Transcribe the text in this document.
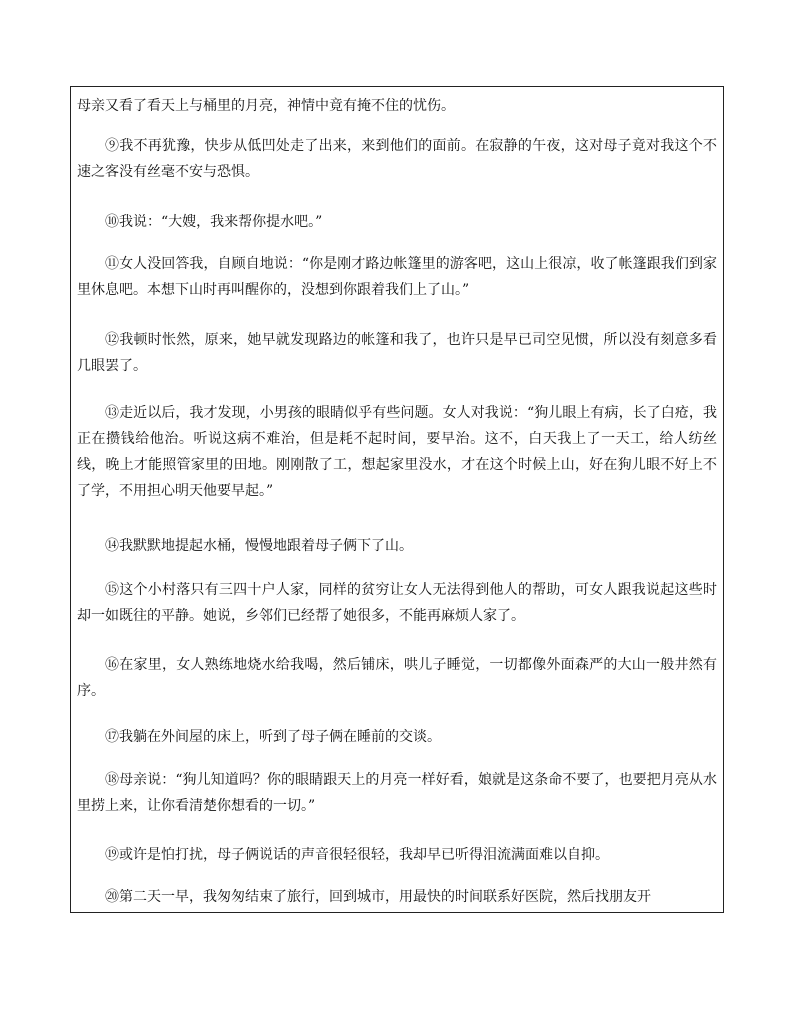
母亲又看了看天上与桶里的月亮，神情中竟有掩不住的忧伤。

⑨我不再犹豫，快步从低凹处走了出来，来到他们的面前。在寂静的午夜，这对母子竟对我这个不速之客没有丝毫不安与恐惧。

⑩我说：“大嫂，我来帮你提水吧。”

⑪女人没回答我，自顾自地说：“你是刚才路边帐篷里的游客吧，这山上很凉，收了帐篷跟我们到家里休息吧。本想下山时再叫醒你的，没想到你跟着我们上了山。”

⑫我顿时怅然，原来，她早就发现路边的帐篷和我了，也许只是早已司空见惯，所以没有刻意多看几眼罢了。

⑬走近以后，我才发现，小男孩的眼睛似乎有些问题。女人对我说：“狗儿眼上有病，长了白疮，我正在攒钱给他治。听说这病不难治，但是耗不起时间，要早治。这不，白天我上了一天工，给人纺丝线，晚上才能照管家里的田地。刚刚散了工，想起家里没水，才在这个时候上山，好在狗儿眼不好上不了学，不用担心明天他要早起。”

⑭我默默地提起水桶，慢慢地跟着母子俩下了山。

⑮这个小村落只有三四十户人家，同样的贫穷让女人无法得到他人的帮助，可女人跟我说起这些时却一如既往的平静。她说，乡邻们已经帮了她很多，不能再麻烦人家了。

⑯在家里，女人熟练地烧水给我喝，然后铺床，哄儿子睡觉，一切都像外面森严的大山一般井然有序。

⑰我躺在外间屋的床上，听到了母子俩在睡前的交谈。

⑱母亲说：“狗儿知道吗？你的眼睛跟天上的月亮一样好看，娘就是这条命不要了，也要把月亮从水里捞上来，让你看清楚你想看的一切。”

⑲或许是怕打扰，母子俩说话的声音很轻很轻，我却早已听得泪流满面难以自抑。

⑳第二天一早，我匆匆结束了旅行，回到城市，用最快的时间联系好医院，然后找朋友开
